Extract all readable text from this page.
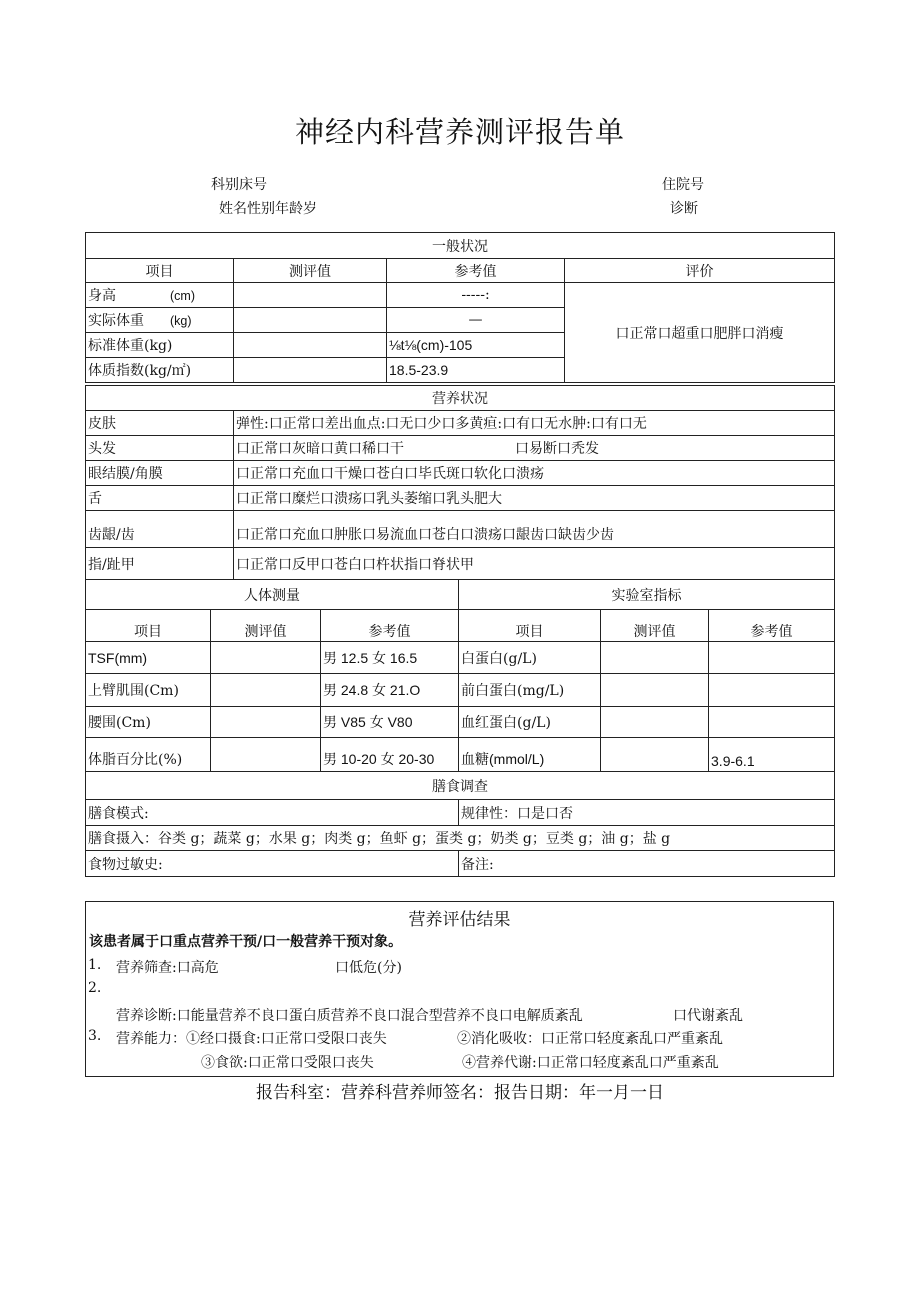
神经内科营养测评报告单
科别床号	住院号
姓名性别年龄岁	诊断
一般状况			
项目	测评值	参考值	评价
身高 (cm)		-----:	口正常口超重口肥胖口消瘦
实际体重 (kg)		—	
标准体重(kg)		⅛t⅛(cm)-105	
体质指数(kg∕㎡)		18.5-23.9	
营养状况	
皮肤	弹性:口正常口差出血点:口无口少口多黄疸:口有口无水肿:口有口无
头发	口正常口灰暗口黄口稀口干 口易断口秃发
眼结膜/角膜	口正常口充血口干燥口苍白口毕氏斑口软化口溃疡
舌	口正常口糜烂口溃疡口乳头萎缩口乳头肥大
齿龈/齿	口正常口充血口肿胀口易流血口苍白口溃疡口龈齿口缺齿少齿
指/趾甲	口正常口反甲口苍白口杵状指口脊状甲
人体测量			实验室指标		
项目	测评值	参考值	项目	测评值	参考值
TSF(mm)		男 12.5 女 16.5	白蛋白(g∕L)		
上臂肌围(Cm)		男 24.8 女 21.O	前白蛋白(mg∕L)		
腰围(Cm)		男 V85 女 V80	血红蛋白(g∕L)		
体脂百分比(%)		男 10-20 女 20-30	血糖(mmol/L)		3.9-6.1
膳食调查	
膳食模式:	规律性：口是口否
膳食摄入：谷类 g；蔬菜 g；水果 g；肉类 g；鱼虾 g；蛋类 g；奶类 g；豆类 g；油 g；盐 g	
食物过敏史:	备注:
营养评估结果
该患者属于口重点营养干预/口一般营养干预对象。
1. 营养筛查:口高危	口低危(分)
2.
营养诊断:口能量营养不良口蛋白质营养不良口混合型营养不良口电解质紊乱	口代谢紊乱
3. 营养能力：①经口摄食:口正常口受限口丧失	②消化吸收：口正常口轻度紊乱口严重紊乱
③食欲:口正常口受限口丧失	④营养代谢:口正常口轻度紊乱口严重紊乱
报告科室：营养科营养师签名：报告日期：年一月一日
